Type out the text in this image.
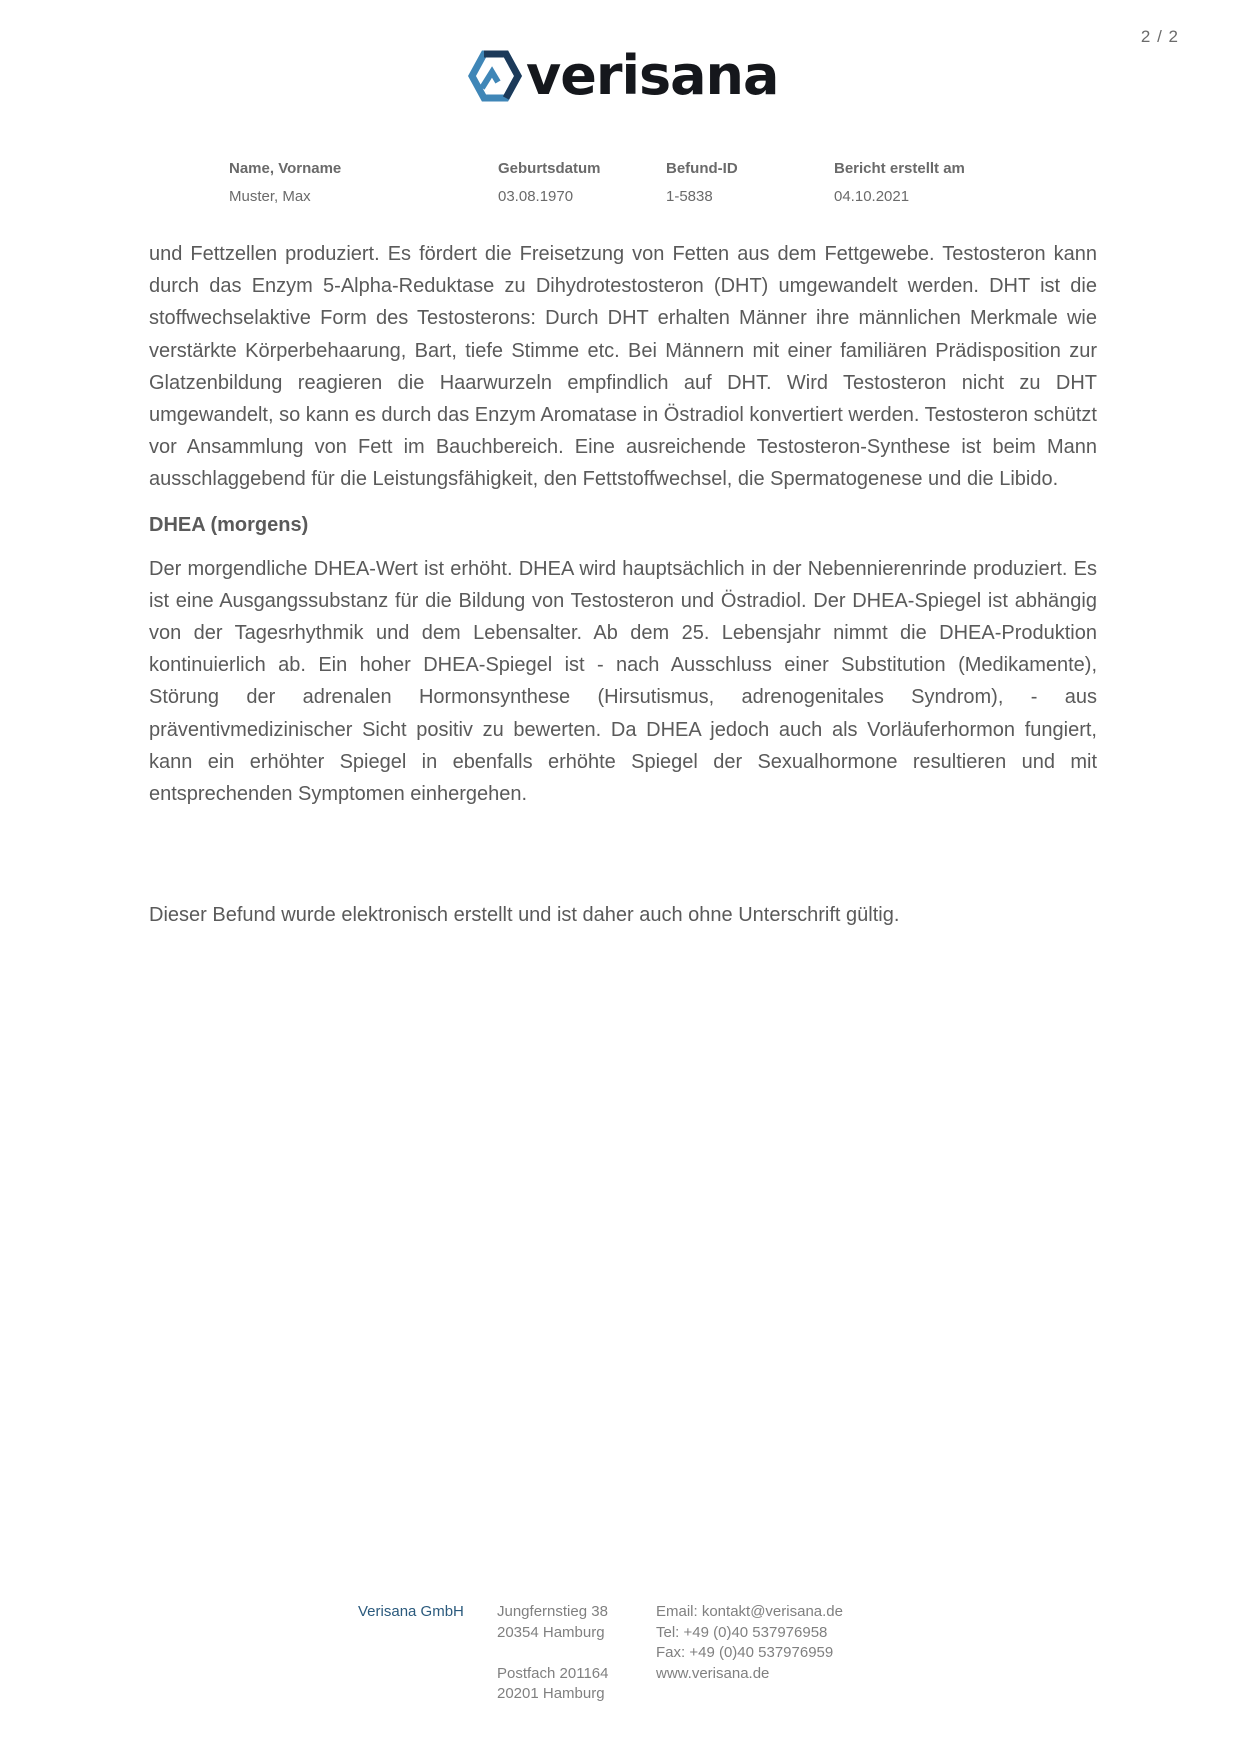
2 / 2
verisana
Name, Vorname	Geburtsdatum	Befund-ID	Bericht erstellt am
Muster, Max	03.08.1970	1-5838	04.10.2021

und Fettzellen produziert. Es fördert die Freisetzung von Fetten aus dem Fettgewebe. Testosteron kann durch das Enzym 5-Alpha-Reduktase zu Dihydrotestosteron (DHT) umgewandelt werden. DHT ist die stoffwechselaktive Form des Testosterons: Durch DHT erhalten Männer ihre männlichen Merkmale wie verstärkte Körperbehaarung, Bart, tiefe Stimme etc. Bei Männern mit einer familiären Prädisposition zur Glatzenbildung reagieren die Haarwurzeln empfindlich auf DHT. Wird Testosteron nicht zu DHT umgewandelt, so kann es durch das Enzym Aromatase in Östradiol konvertiert werden. Testosteron schützt vor Ansammlung von Fett im Bauchbereich. Eine ausreichende Testosteron-Synthese ist beim Mann ausschlaggebend für die Leistungsfähigkeit, den Fettstoffwechsel, die Spermatogenese und die Libido.

DHEA (morgens)

Der morgendliche DHEA-Wert ist erhöht. DHEA wird hauptsächlich in der Nebennierenrinde produziert. Es ist eine Ausgangssubstanz für die Bildung von Testosteron und Östradiol. Der DHEA-Spiegel ist abhängig von der Tagesrhythmik und dem Lebensalter. Ab dem 25. Lebensjahr nimmt die DHEA-Produktion kontinuierlich ab. Ein hoher DHEA-Spiegel ist - nach Ausschluss einer Substitution (Medikamente), Störung der adrenalen Hormonsynthese (Hirsutismus, adrenogenitales Syndrom), - aus präventivmedizinischer Sicht positiv zu bewerten. Da DHEA jedoch auch als Vorläuferhormon fungiert, kann ein erhöhter Spiegel in ebenfalls erhöhte Spiegel der Sexualhormone resultieren und mit entsprechenden Symptomen einhergehen.

Dieser Befund wurde elektronisch erstellt und ist daher auch ohne Unterschrift gültig.
Verisana GmbH	Jungfernstieg 38
20354 Hamburg
Postfach 201164
20201 Hamburg
Email: kontakt@verisana.de
Tel: +49 (0)40 537976958
Fax: +49 (0)40 537976959
www.verisana.de
